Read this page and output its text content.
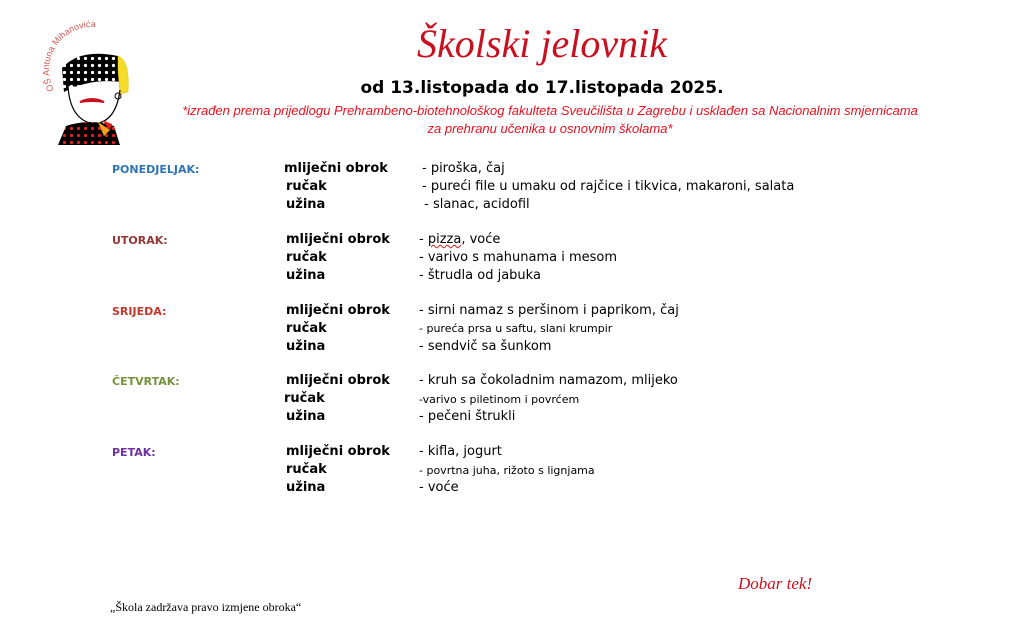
OŠ Antuna Mihanovića	Školski jelovnik
od 13.listopada do 17.listopada 2025.
*izrađen prema prijedlogu Prehrambeno-biotehnološkog fakulteta Sveučilišta u Zagrebu i usklađen sa Nacionalnim smjernicama
za prehranu učenika u osnovnim školama*
PONEDJELJAK:	mliječni obrok	- piroška, čaj
ručak	- pureći file u umaku od rajčice i tikvica, makaroni, salata
užina	- slanac, acidofil
UTORAK:	mliječni obrok - pizza, voće
ručak	- varivo s mahunama i mesom
užina	- štrudla od jabuka
SRIJEDA:	mliječni obrok - sirni namaz s peršinom i paprikom, čaj
ručak	- pureća prsa u saftu, slani krumpir
užina	- sendvič sa šunkom
ČETVRTAK:	mliječni obrok - kruh sa čokoladnim namazom, mlijeko
ručak	-varivo s piletinom i povrćem
užina	- pečeni štrukli
PETAK:	mliječni obrok - kifla, jogurt
ručak	- povrtna juha, rižoto s lignjama
užina	- voće
Dobar tek!
„Škola zadržava pravo izmjene obroka“
